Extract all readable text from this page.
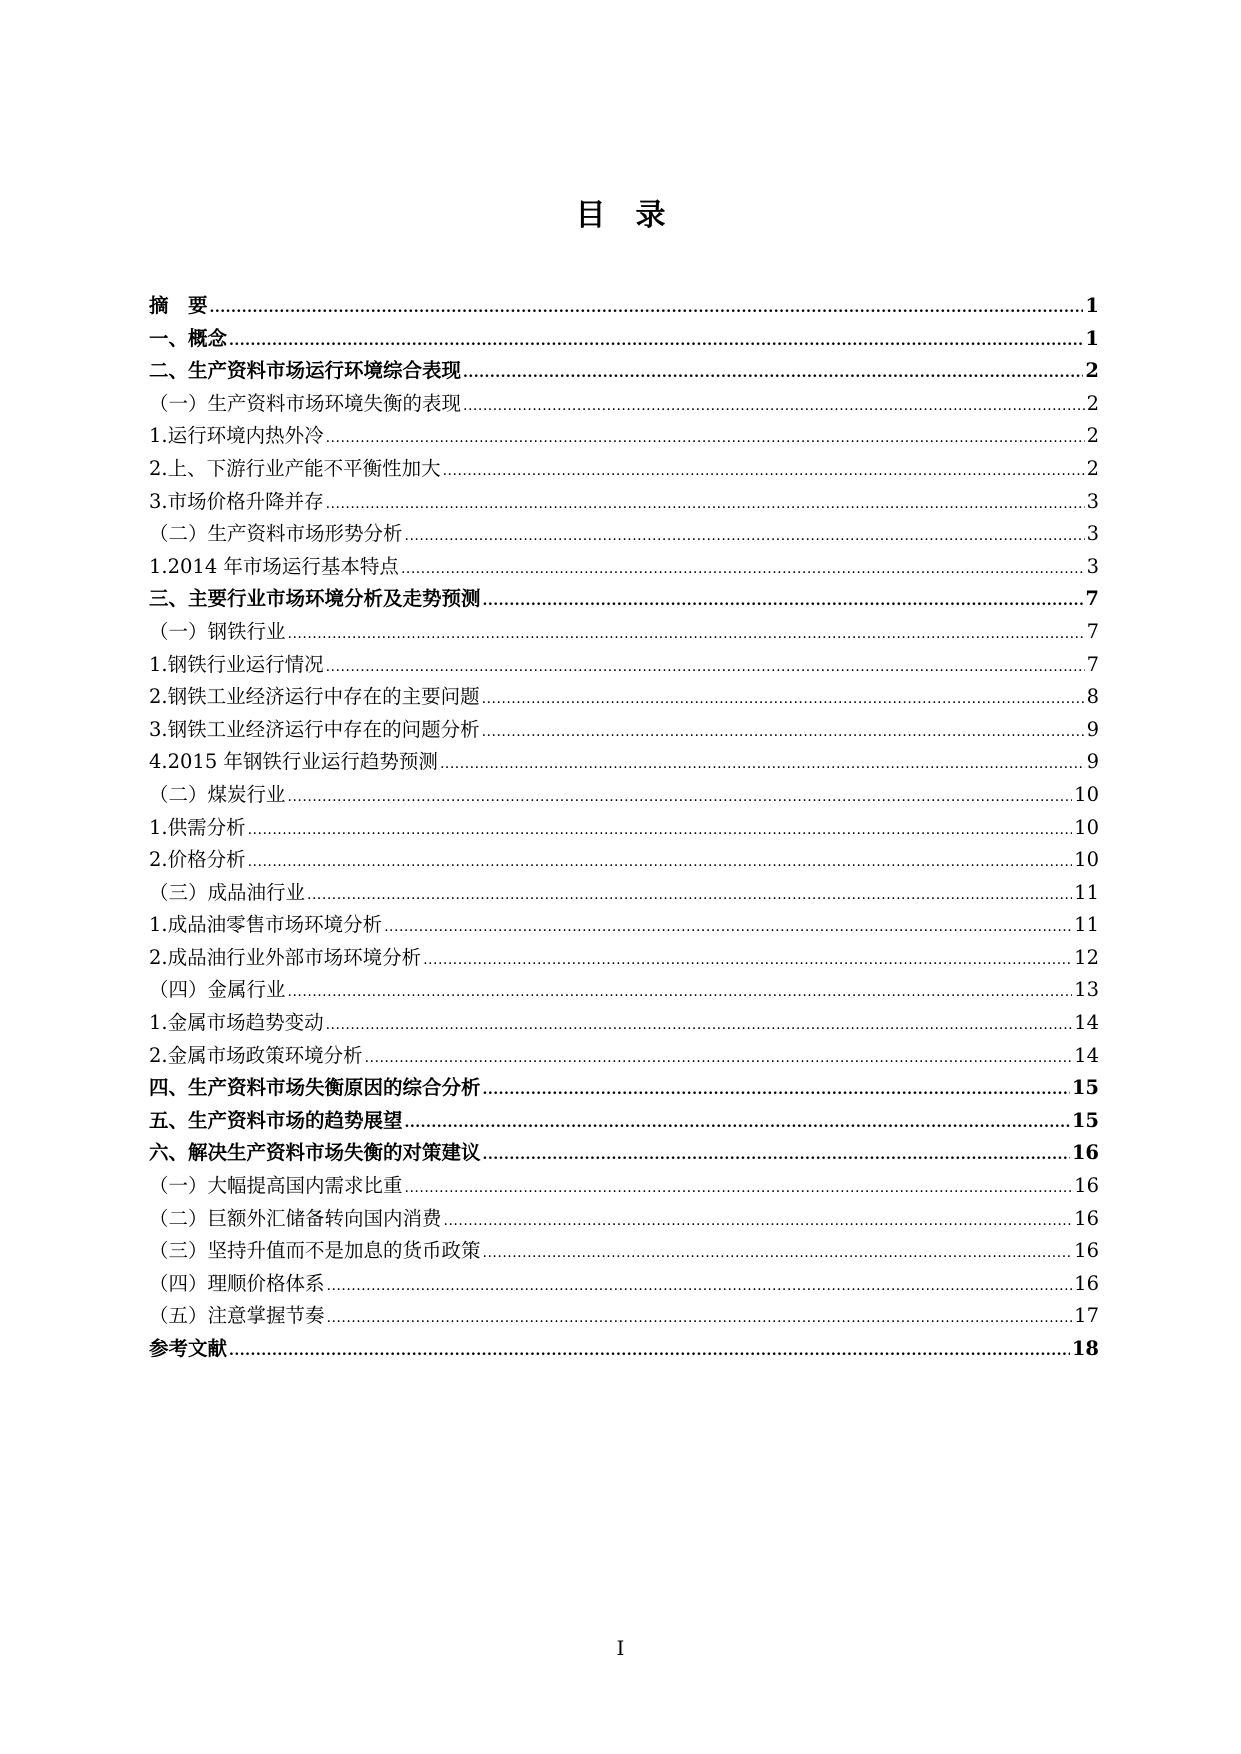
目录
摘　要 .....	1
一、概念 .....	1
二、生产资料市场运行环境综合表现 .....	2
（一）生产资料市场环境失衡的表现 .....	2
1.运行环境内热外冷 .....	2
2.上、下游行业产能不平衡性加大 .....	2
3.市场价格升降并存 .....	3
（二）生产资料市场形势分析 .....	3
1.2014 年市场运行基本特点 .....	3
三、主要行业市场环境分析及走势预测 .....	7
（一）钢铁行业 .....	7
1.钢铁行业运行情况 .....	7
2.钢铁工业经济运行中存在的主要问题 .....	8
3.钢铁工业经济运行中存在的问题分析 .....	9
4.2015 年钢铁行业运行趋势预测 .....	9
（二）煤炭行业 .....	10
1.供需分析 .....	10
2.价格分析 .....	10
（三）成品油行业 .....	11
1.成品油零售市场环境分析 .....	11
2.成品油行业外部市场环境分析 .....	12
（四）金属行业 .....	13
1.金属市场趋势变动 .....	14
2.金属市场政策环境分析 .....	14
四、生产资料市场失衡原因的综合分析 .....	15
五、生产资料市场的趋势展望 .....	15
六、解决生产资料市场失衡的对策建议 .....	16
（一）大幅提高国内需求比重 .....	16
（二）巨额外汇储备转向国内消费 .....	16
（三）坚持升值而不是加息的货币政策 .....	16
（四）理顺价格体系 .....	16
（五）注意掌握节奏 .....	17
参考文献 .....	18
I
